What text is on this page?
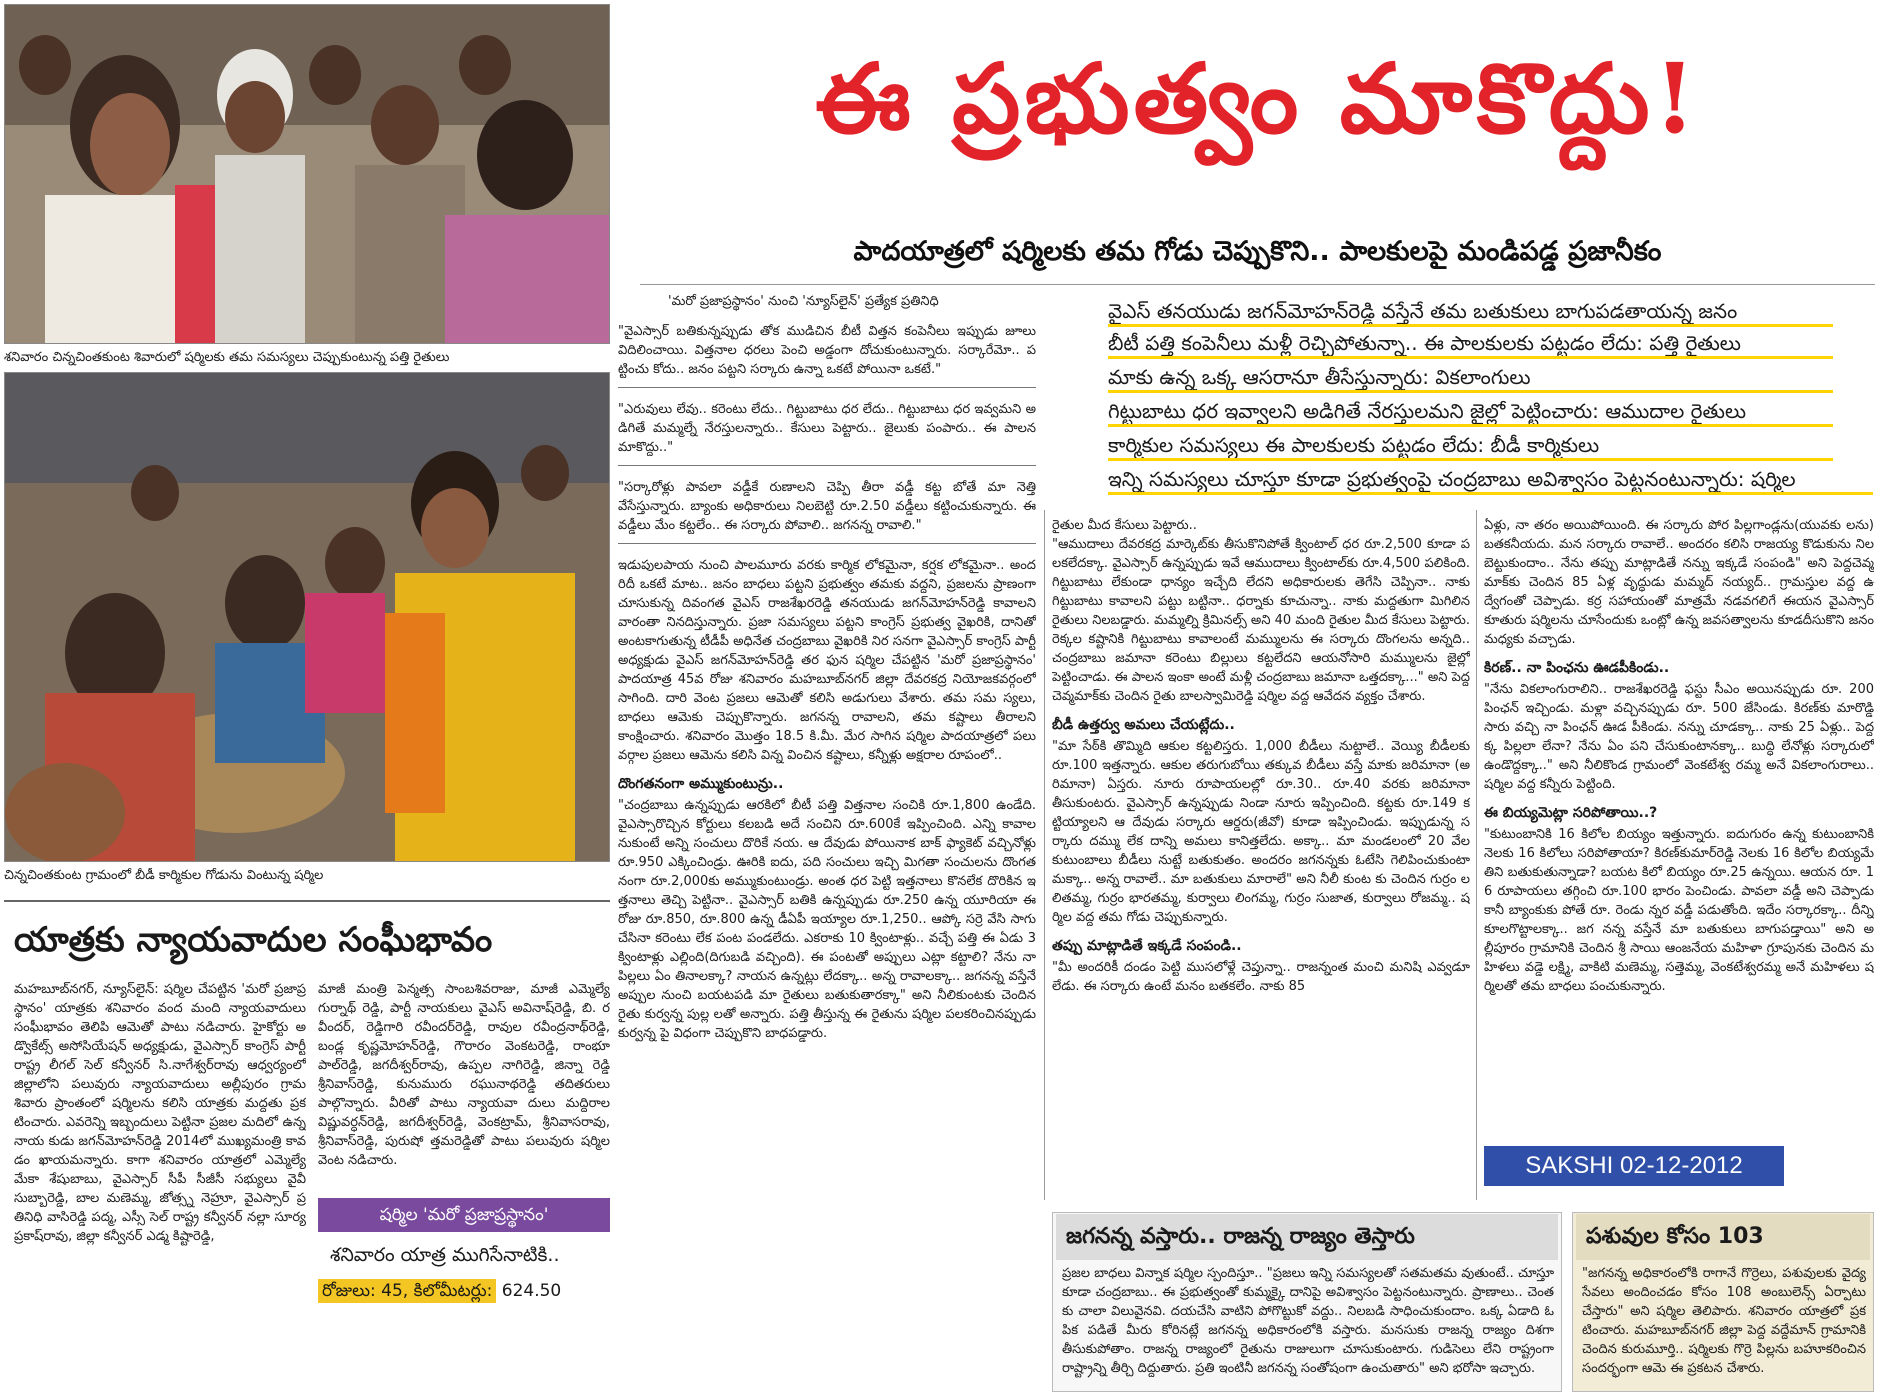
శనివారం చిన్నచింతకుంట శివారులో షర్మిలకు తమ సమస్యలు చెప్పుకుంటున్న పత్తి రైతులు
చిన్నచింతకుంట గ్రామంలో బీడీ కార్మికుల గోడును వింటున్న షర్మిల
ఈ ప్రభుత్వం మాకొద్దు!
పాదయాత్రలో షర్మిలకు తమ గోడు చెప్పుకొని.. పాలకులపై మండిపడ్డ ప్రజానీకం
'మరో ప్రజాప్రస్థానం' నుంచి 'న్యూస్‌లైన్' ప్రత్యేక ప్రతినిధి	వైఎస్ తనయుడు జగన్‌మోహన్‌రెడ్డి వస్తేనే తమ బతుకులు బాగుపడతాయన్న జనం
బీటీ పత్తి కంపెనీలు మళ్లీ రెచ్చిపోతున్నా.. ఈ పాలకులకు పట్టడం లేదు: పత్తి రైతులు
మాకు ఉన్న ఒక్క ఆసరానూ తీసేస్తున్నారు: వికలాంగులు
గిట్టుబాటు ధర ఇవ్వాలని అడిగితే నేరస్తులమని జైల్లో పెట్టించారు: ఆముదాల రైతులు
కార్మికుల సమస్యలు ఈ పాలకులకు పట్టడం లేదు: బీడీ కార్మికులు
ఇన్ని సమస్యలు చూస్తూ కూడా ప్రభుత్వంపై చంద్రబాబు అవిశ్వాసం పెట్టనంటున్నారు: షర్మిల

"వైఎస్సార్ బతికున్నప్పుడు తోక ముడిచిన బీటీ విత్తన కంపెనీలు ఇప్పుడు జూలు విదిలించాయి. విత్తనాల ధరలు పెంచి అడ్డంగా దోచుకుంటున్నారు. సర్కారేమో.. పట్టించు కోదు.. జనం పట్టని సర్కారు ఉన్నా ఒకటే పోయినా ఒకటే."

"ఎరువులు లేవు.. కరెంటు లేదు.. గిట్టుబాటు ధర లేదు.. గిట్టుబాటు ధర ఇవ్వమని అడిగితే మమ్మల్నే నేరస్తులన్నారు.. కేసులు పెట్టారు.. జైలుకు పంపారు.. ఈ పాలన మాకొద్దు.."

"సర్కారోళ్లు పావలా వడ్డీకే రుణాలని చెప్పి తీరా వడ్డీ కట్ట బోతే మా నెత్తి వేసేస్తున్నారు. బ్యాంకు అధికారులు నిలబెట్టి రూ.2.50 వడ్డీలు కట్టించుకున్నారు. ఈ వడ్డీలు మేం కట్టలేం.. ఈ సర్కారు పోవాలి.. జగనన్న రావాలి."

ఇడుపులపాయ నుంచి పాలమూరు వరకు కార్మిక లోకమైనా, కర్షక లోకమైనా.. అందరిదీ ఒకటే మాట.. జనం బాధలు పట్టని ప్రభుత్వం తమకు వద్దని, ప్రజలను ప్రాణంగా చూసుకున్న దివంగత వైఎస్ రాజశేఖరరెడ్డి తనయుడు జగన్‌మోహన్‌రెడ్డి కావాలని వారంతా నినదిస్తున్నారు. ప్రజా సమస్యలు పట్టని కాంగ్రెస్ ప్రభుత్వ వైఖరికి, దానితో అంటకాగుతున్న టీడీపీ అధినేత చంద్రబాబు వైఖరికి నిర సనగా వైఎస్సార్ కాంగ్రెస్ పార్టీ అధ్యక్షుడు వైఎస్ జగన్‌మోహన్‌రెడ్డి తర ఫున షర్మిల చేపట్టిన 'మరో ప్రజాప్రస్థానం' పాదయాత్ర 45వ రోజు శనివారం మహబూబ్‌నగర్ జిల్లా దేవరకద్ర నియోజకవర్గంలో సాగింది. దారి వెంట ప్రజలు ఆమెతో కలిసి అడుగులు వేశారు. తమ సమ స్యలు, బాధలు ఆమెకు చెప్పుకొన్నారు. జగనన్న రావాలని, తమ కష్టాలు తీరాలని కాంక్షించారు. శనివారం మొత్తం 18.5 కి.మీ. మేర సాగిన షర్మిల పాదయాత్రలో పలు వర్గాల ప్రజలు ఆమెను కలిసి విన్న వించిన కష్టాలు, కన్నీళ్లు అక్షరాల రూపంలో..

దొంగతనంగా అమ్ముకుంటున్రు..

"చంద్రబాబు ఉన్నప్పుడు ఆరకిలో బీటీ పత్తి విత్తనాల సంచికి రూ.1,800 ఉండేది. వైఎస్సారొచ్చిన కోర్టులు కలబడి అదే సంచిని రూ.600కే ఇప్పించింది. ఎన్ని కావాలనుకుంటే అన్ని సంచులు దొరికే నయ. ఆ దేవుడు పోయినాక బాక్ ఫ్యాకెట్ వచ్చినోళ్లు రూ.950 ఎక్కించిండ్రు. ఊరికి ఐదు, పది సంచులు ఇచ్చి మిగతా సంచులను దొంగతనంగా రూ.2,000కు అమ్ముకుంటుండ్రు. అంత ధర పెట్టి ఇత్తనాలు కొనలేక దొరికిన ఇత్తనాలు తెచ్చి పెట్టినా.. వైఎస్సార్ బతికి ఉన్నప్పుడు రూ.250 ఉన్న యూరియా ఈ రోజు రూ.850, రూ.800 ఉన్న డీఏపీ ఇయ్యాల రూ.1,250.. ఆప్కో సర్రె వేసి సాగు చేసినా కరెంటు లేక పంట పండలేదు. ఎకరాకు 10 క్వింటాళ్లు.. వచ్చే పత్తి ఈ ఏడు 3 క్వింటాళ్లు ఎల్లింది(దిగుబడి వచ్చింది). ఈ పంటతో అప్పులు ఎట్లా కట్టాలి? నేను నా పిల్లలు ఏం తినాలక్కా? నాయన ఉన్నట్లు లేదక్కా.. అన్న రావాలక్కా.. జగనన్న వస్తేనే అప్పుల నుంచి బయటపడి మా రైతులు బతుకుతారక్కా" అని నీలికుంటకు చెందిన రైతు కుర్వన్న పుల్ల లతో అన్నారు. పత్తి తీస్తున్న ఈ రైతును షర్మిల పలకరించినప్పుడు కుర్వన్న పై విధంగా చెప్పుకొని బాధపడ్డారు.

రైతుల మీద కేసులు పెట్టారు..
"ఆముదాలు దేవరకద్ర మార్కెట్‌కు తీసుకొనిపోతే క్వింటాల్ ధర రూ.2,500 కూడా పలకలేదక్కా. వైఎస్సార్ ఉన్నప్పుడు ఇవే ఆముదాలు క్వింటాల్‌కు రూ.4,500 పలికింది. గిట్టుబాటు లేకుండా ధాన్యం ఇచ్చేది లేదని అధికారులకు తెగేసి చెప్పినా.. నాకు గిట్టుబాటు కావాలని పట్టు బట్టినా.. ధర్నాకు కూచున్నా.. నాకు మద్దతుగా మిగిలిన రైతులు నిలబడ్డారు. మమ్మల్ని క్రిమినల్స్ అని 40 మంది రైతుల మీద కేసులు పెట్టారు. రెక్కల కష్టానికి గిట్టుబాటు కావాలంటే మమ్ములను ఈ సర్కారు దొంగలను అన్నది.. చంద్రబాబు జమానా కరెంటు బిల్లులు కట్టలేదని ఆయనోసారి మమ్ములను జైల్లో పెట్టించాడు. ఈ పాలన ఇంకా అంటే మళ్లీ చంద్రబాబు జమానా ఒత్తదక్కా..." అని పెద్దచెవ్మమాక్‌కు చెందిన రైతు బాలస్వామిరెడ్డి షర్మిల వద్ద ఆవేదన వ్యక్తం చేశారు.

బీడీ ఉత్తర్వు అమలు చేయట్లేదు..

"మా సేఠ్‌కి తొమ్మిది ఆకుల కట్టలిస్తరు. 1,000 బీడీలు నుట్టాలే.. వెయ్యి బీడీలకు రూ.100 ఇత్తన్నారు. ఆకుల తరుగుబోయి తక్కువ బీడీలు వస్తే మాకు జరిమానా (అరిమానా) ఏస్తరు. నూరు రూపాయలల్లో రూ.30.. రూ.40 వరకు జరిమానా తీసుకుంటరు. వైఎస్సార్ ఉన్నప్పుడు నిండా నూరు ఇప్పించింది. కట్టకు రూ.149 కట్టియ్యాలని ఆ దేవుడు సర్కారు ఆర్డరు(జీవో) కూడా ఇప్పించిండు. ఇప్పుడున్న సర్కారు దమ్ము లేక దాన్ని అమలు కానిత్తలేదు. అక్కా.. మా మండలంలో 20 వేల కుటుంబాలు బీడీలు నుట్టే బతుకుతం. అందరం జగనన్నకు ఓటేసి గెలిపించుకుంటా మక్కా.. అన్న రావాలే.. మా బతుకులు మారాలే" అని నీలీ కుంట కు చెందిన గుర్రం లలితమ్మ, గుర్రం భారతమ్మ, కుర్వాలు లింగమ్మ, గుర్రం సుజాత, కుర్వాలు రోజమ్మ.. షర్మిల వద్ద తమ గోడు చెప్పుకున్నారు.

తప్పు మాట్లాడితే ఇక్కడే సంపండి..

"మీ అందరికీ దండం పెట్టి ముసలోళ్లే చెప్తున్నా.. రాజన్నంత మంచి మనిషి ఎవ్వడూ లేడు. ఈ సర్కారు ఉంటే మనం బతకలేం. నాకు 85

ఏళ్లు, నా తరం అయిపోయింది. ఈ సర్కారు పోర పిల్లగాండ్లను(యువకు లను) బతకనీయదు. మన సర్కారు రావాలే.. అందరం కలిసి రాజయ్య కొడుకును నిలబెట్టుకుందాం.. నేను తప్పు మాట్లాడితే నన్ను ఇక్కడే సంపండి" అని పెద్దచెవ్మమాక్‌కు చెందిన 85 ఏళ్ల వృద్ధుడు మమ్మద్ నయ్యద్.. గ్రామస్తుల వద్ద ఉద్వేగంతో చెప్పాడు. కర్ర సహాయంతో మాత్రమే నడవగలిగే ఈయన వైఎస్సార్ కూతురు షర్మిలను చూసేందుకు ఒంట్లో ఉన్న జవసత్వాలను కూడదీసుకొని జనం మధ్యకు వచ్చాడు.

కిరణ్.. నా పింఛను ఊడపీకిండు..

"నేను వికలాంగురాలిని.. రాజశేఖరరెడ్డి ఫస్టు సీఎం అయినప్పుడు రూ. 200 పింఛన్ ఇచ్చిండు. మళ్లా వచ్చినప్పుడు రూ. 500 జేసిండు. కిరణ్‌కు మారొడ్డి సారు వచ్చి నా పింఛన్ ఊడ పీకిండు. నన్ను చూడక్కా.. నాకు 25 ఏళ్లు.. పెద్దక్క పిల్లలా లేనా? నేను ఏం పని చేసుకుంటానక్కా.. బుద్ధి లేనోళ్లు సర్కారులో ఉండొద్దక్కా.." అని నీలికొండ గ్రామంలో వెంకటేశ్వ రమ్మ అనే వికలాంగురాలు.. షర్మిల వద్ద కన్నీరు పెట్టింది.

ఈ బియ్యమెట్లా సరిపోతాయి..?

"కుటుంబానికి 16 కిలోల బియ్యం ఇత్తున్నారు. ఐదుగురం ఉన్న కుటుంబానికి నెలకు 16 కిలోలు సరిపోతాయా? కిరణ్‌కుమార్‌రెడ్డి నెలకు 16 కిలోల బియ్యమే తిని బతుకుతున్నాడా? బయట కిలో బియ్యం రూ.25 ఉన్నయి. ఆయన రూ. 16 రూపాయలు తగ్గించి రూ.100 భారం పెంచిండు. పావలా వడ్డీ అని చెప్పాడు కానీ బ్యాంకుకు పోతే రూ. రెండు న్నర వడ్డీ పడుతోంది. ఇదేం సర్కారక్కా.. దీన్ని కూలగొట్టాలక్కా.. జగ నన్న వస్తేనే మా బతుకులు బాగుపడ్తాయి" అని అల్లీపూరం గ్రామానికి చెందిన శ్రీ సాయి ఆంజనేయ మహిళా గ్రూపునకు చెందిన మహిళలు వడ్డె లక్ష్మి, వాకిటి మణెమ్మ, సత్తెమ్మ, వెంకటేశ్వరమ్మ అనే మహిళలు షర్మిలతో తమ బాధలు పంచుకున్నారు.

SAKSHI 02-12-2012
యాత్రకు న్యాయవాదుల సంఘీభావం

మహబూబ్‌నగర్, న్యూస్‌లైన్: షర్మిల చేపట్టిన 'మరో ప్రజాప్రస్థానం' యాత్రకు శనివారం వంద మంది న్యాయవాదులు సంఘీభావం తెలిపి ఆమెతో పాటు నడిచారు. హైకోర్టు అడ్వొకేట్స్ అసోసియేషన్ అధ్యక్షుడు, వైఎస్సార్ కాంగ్రెస్ పార్టీ రాష్ట్ర లీగల్ సెల్ కన్వీనర్ సి.నాగేశ్వర్‌రావు ఆధ్వర్యంలో జిల్లాలోని పలువురు న్యాయవాదులు అల్లీపురం గ్రామశివారు ప్రాంతంలో షర్మిలను కలిసి యాత్రకు మద్దతు ప్రకటించారు. ఎవరెన్ని ఇబ్బందులు పెట్టినా ప్రజల మదిలో ఉన్న నాయ కుడు జగన్‌మోహన్‌రెడ్డి 2014లో ముఖ్యమంత్రి కావడం ఖాయమన్నారు. కాగా శనివారం యాత్రలో ఎమ్మెల్యే మేకా శేషుబాబు, వైఎస్సార్ సీపీ సీజీసీ సభ్యులు వైవీ సుబ్బారెడ్డి, బాల మణెమ్మ, జోత్స్న నెహ్రూ, వైఎస్సార్ ప్రతినిధి వాసిరెడ్డి పద్మ, ఎస్సీ సెల్ రాష్ట్ర కన్వీనర్ నల్లా సూర్యప్రకాష్‌రావు, జిల్లా కన్వీనర్ ఎడ్మ కిష్టారెడ్డి,

మాజీ మంత్రి పెన్మత్స సాంబశివరాజు, మాజీ ఎమ్మెల్యే గుర్నాథ్ రెడ్డి, పార్టీ నాయకులు వైఎస్ అవినాష్‌రెడ్డి, బి. రవీందర్, రెడ్డిగారి రవీందర్‌రెడ్డి, రావుల రవీంద్రనాథ్‌రెడ్డి, బండ్ల కృష్ణమోహన్‌రెడ్డి, గౌరారం వెంకటరెడ్డి, రాంభూ పాల్‌రెడ్డి, జగదీశ్వర్‌రావు, ఉప్పల నాగిరెడ్డి, జిన్నా రెడ్డి శ్రీనివాస్‌రెడ్డి, కునుమురు రఘునాథరెడ్డి తదితరులు పాల్గొన్నారు. వీరితో పాటు న్యాయవా దులు మద్దిరాల విష్ణువర్ధన్‌రెడ్డి, జగదీశ్వర్‌రెడ్డి, వెంకట్రామ్, శ్రీనివాసరావు, శ్రీనివాస్‌రెడ్డి, పురుషో త్తమరెడ్డితో పాటు పలువురు షర్మిల వెంట నడిచారు.

షర్మిల 'మరో ప్రజాప్రస్థానం'
శనివారం యాత్ర ముగిసేనాటికి..
రోజులు: 45, కిలోమీటర్లు: 624.50
జగనన్న వస్తారు.. రాజన్న రాజ్యం తెస్తారు
ప్రజల బాధలు విన్నాక షర్మిల స్పందిస్తూ.. "ప్రజలు ఇన్ని సమస్యలతో సతమతమ వుతుంటే.. చూస్తూ కూడా చంద్రబాబు.. ఈ ప్రభుత్వంతో కుమ్మక్కై దానిపై అవిశ్వాసం పెట్టనంటున్నారు. ప్రాణాలు.. చెంతకు చాలా విలువైనవి. దయచేసి వాటిని పోగొట్టుకో వద్దు.. నిలబడి సాధించుకుందాం. ఒక్క ఏడాది ఓపిక పడితే మీరు కోరినట్లే జగనన్న అధికారంలోకి వస్తారు. మనసుకు రాజన్న రాజ్యం దిశగా తీసుకుపోతాం. రాజన్న రాజ్యంలో రైతును రాజులుగా చూసుకుంటారు. గుడిసెలు లేని రాష్ట్రంగా రాష్ట్రాన్ని తీర్చి దిద్దుతారు. ప్రతి ఇంటినీ జగనన్న సంతోషంగా ఉంచుతారు" అని భరోసా ఇచ్చారు.
పశువుల కోసం 103
"జగనన్న అధికారంలోకి రాగానే గొర్రెలు, పశువులకు వైద్య సేవలు అందించడం కోసం 108 అంబులెన్స్ ఏర్పాటు చేస్తారు" అని షర్మిల తెలిపారు. శనివారం యాత్రలో ప్రకటించారు. మహబూబ్‌నగర్ జిల్లా పెద్ద వద్దేమాన్ గ్రామానికి చెందిన కురుమూర్తి.. షర్మిలకు గొర్రె పిల్లను బహూకరించిన సందర్భంగా ఆమె ఈ ప్రకటన చేశారు.
